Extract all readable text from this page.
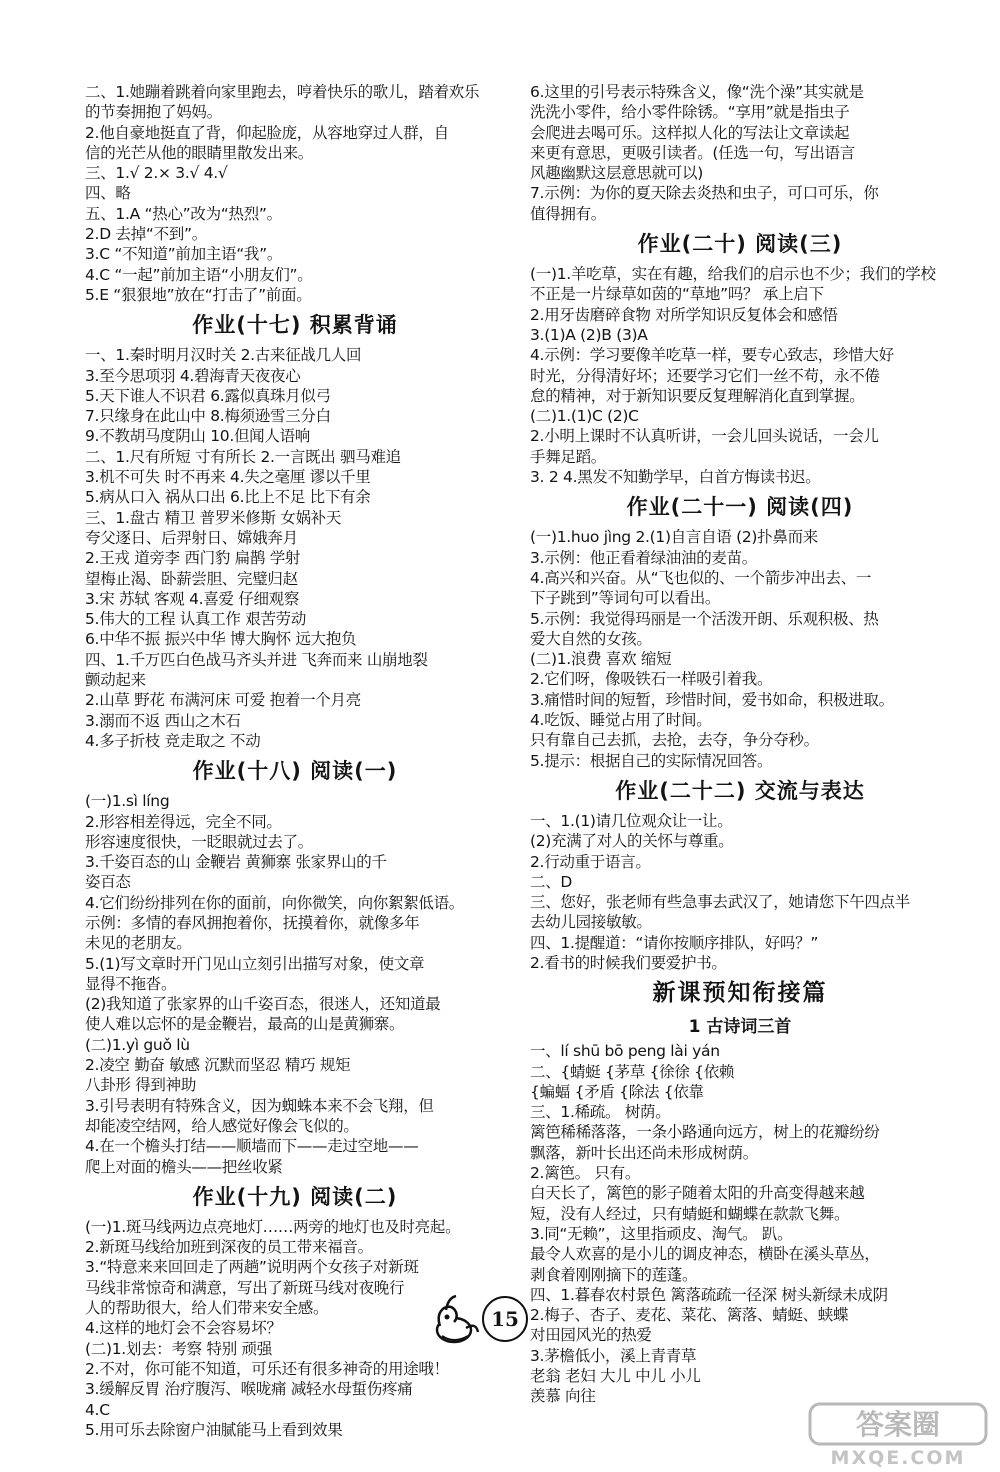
二、1.她蹦着跳着向家里跑去，哼着快乐的歌儿，踏着欢乐
的节奏拥抱了妈妈。
2.他自豪地挺直了背，仰起脸庞，从容地穿过人群，自
信的光芒从他的眼睛里散发出来。
三、1.√ 2.× 3.√ 4.√
四、略
五、1.A “热心”改为“热烈”。
2.D 去掉“不到”。
3.C “不知道”前加主语“我”。
4.C “一起”前加主语“小朋友们”。
5.E “狠狠地”放在“打击了”前面。
作业(十七) 积累背诵
一、1.秦时明月汉时关 2.古来征战几人回
3.至今思项羽 4.碧海青天夜夜心
5.天下谁人不识君 6.露似真珠月似弓
7.只缘身在此山中 8.梅须逊雪三分白
9.不教胡马度阴山 10.但闻人语响
二、1.尺有所短 寸有所长 2.一言既出 驷马难追
3.机不可失 时不再来 4.失之毫厘 谬以千里
5.病从口入 祸从口出 6.比上不足 比下有余
三、1.盘古 精卫 普罗米修斯 女娲补天
夸父逐日、后羿射日、嫦娥奔月
2.王戎 道旁李 西门豹 扁鹊 学射
望梅止渴、卧薪尝胆、完璧归赵
3.宋 苏轼 客观 4.喜爱 仔细观察
5.伟大的工程 认真工作 艰苦劳动
6.中华不振 振兴中华 博大胸怀 远大抱负
四、1.千万匹白色战马齐头并进 飞奔而来 山崩地裂
颤动起来
2.山草 野花 布满河床 可爱 抱着一个月亮
3.溺而不返 西山之木石
4.多子折枝 竞走取之 不动
作业(十八) 阅读(一)
(一)1.sì líng
2.形容相差得远，完全不同。
形容速度很快，一眨眼就过去了。
3.千姿百态的山 金鞭岩 黄狮寨 张家界山的千
姿百态
4.它们纷纷排列在你的面前，向你微笑，向你絮絮低语。
示例：多情的春风拥抱着你，抚摸着你，就像多年
未见的老朋友。
5.(1)写文章时开门见山立刻引出描写对象，使文章
显得不拖沓。
(2)我知道了张家界的山千姿百态，很迷人，还知道最
使人难以忘怀的是金鞭岩，最高的山是黄狮寨。
(二)1.yì guǒ lù
2.凌空 勤奋 敏感 沉默而坚忍 精巧 规矩
八卦形 得到神助
3.引号表明有特殊含义，因为蜘蛛本来不会飞翔，但
却能凌空结网，给人感觉好像会飞似的。
4.在一个檐头打结——顺墙而下——走过空地——
爬上对面的檐头——把丝收紧
作业(十九) 阅读(二)
(一)1.斑马线两边点亮地灯……两旁的地灯也及时亮起。
2.新斑马线给加班到深夜的员工带来福音。
3.“特意来来回回走了两趟”说明两个女孩子对新斑
马线非常惊奇和满意，写出了新斑马线对夜晚行
人的帮助很大，给人们带来安全感。
4.这样的地灯会不会容易坏？
(二)1.划去：考察 特别 顽强
2.不对，你可能不知道，可乐还有很多神奇的用途哦！
3.缓解反胃 治疗腹泻、喉咙痛 减轻水母蜇伤疼痛
4.C
5.用可乐去除窗户油腻能马上看到效果
6.这里的引号表示特殊含义，像“洗个澡”其实就是
洗洗小零件，给小零件除锈。“享用”就是指虫子
会爬进去喝可乐。这样拟人化的写法让文章读起
来更有意思，更吸引读者。(任选一句，写出语言
风趣幽默这层意思就可以)
7.示例：为你的夏天除去炎热和虫子，可口可乐，你
值得拥有。
作业(二十) 阅读(三)
(一)1.羊吃草，实在有趣，给我们的启示也不少；我们的学校
不正是一片绿草如茵的“草地”吗？ 承上启下
2.用牙齿磨碎食物 对所学知识反复体会和感悟
3.(1)A (2)B (3)A
4.示例：学习要像羊吃草一样，要专心致志，珍惜大好
时光，分得清好坏；还要学习它们一丝不苟，永不倦
怠的精神，对于新知识要反复理解消化直到掌握。
(二)1.(1)C (2)C
2.小明上课时不认真听讲，一会儿回头说话，一会儿
手舞足蹈。
3. 2 4.黑发不知勤学早，白首方悔读书迟。
作业(二十一) 阅读(四)
(一)1.huo jìng 2.(1)自言自语 (2)扑鼻而来
3.示例：他正看着绿油油的麦苗。
4.高兴和兴奋。从“飞也似的、一个箭步冲出去、一
下子跳到”等词句可以看出。
5.示例：我觉得玛丽是一个活泼开朗、乐观积极、热
爱大自然的女孩。
(二)1.浪费 喜欢 缩短
2.它们呀，像吸铁石一样吸引着我。
3.痛惜时间的短暂，珍惜时间，爱书如命，积极进取。
4.吃饭、睡觉占用了时间。
只有靠自己去抓，去抢，去夺，争分夺秒。
5.提示：根据自己的实际情况回答。
作业(二十二) 交流与表达
一、1.(1)请几位观众让一让。
(2)充满了对人的关怀与尊重。
2.行动重于语言。
二、D
三、您好，张老师有些急事去武汉了，她请您下午四点半
去幼儿园接敏敏。
四、1.提醒道：“请你按顺序排队，好吗？”
2.看书的时候我们要爱护书。
新课预知衔接篇
1 古诗词三首
一、lí shū bō peng lài yán
二、{蜻蜓 {茅草 {徐徐 {依赖
{蝙蝠 {矛盾 {除法 {依靠
三、1.稀疏。 树荫。
篱笆稀稀落落，一条小路通向远方，树上的花瓣纷纷
飘落，新叶长出还尚未形成树荫。
2.篱笆。 只有。
白天长了，篱笆的影子随着太阳的升高变得越来越
短，没有人经过，只有蜻蜓和蝴蝶在款款飞舞。
3.同“无赖”，这里指顽皮、淘气。 趴。
最令人欢喜的是小儿的调皮神态，横卧在溪头草丛，
剥食着刚刚摘下的莲蓬。
四、1.暮春农村景色 篱落疏疏一径深 树头新绿未成阴
2.梅子、杏子、麦花、菜花、篱落、蜻蜓、蛱蝶
对田园风光的热爱
3.茅檐低小，溪上青青草
老翁 老妇 大儿 中儿 小儿
羡慕 向往
15
答案圈
MXQE.COM
